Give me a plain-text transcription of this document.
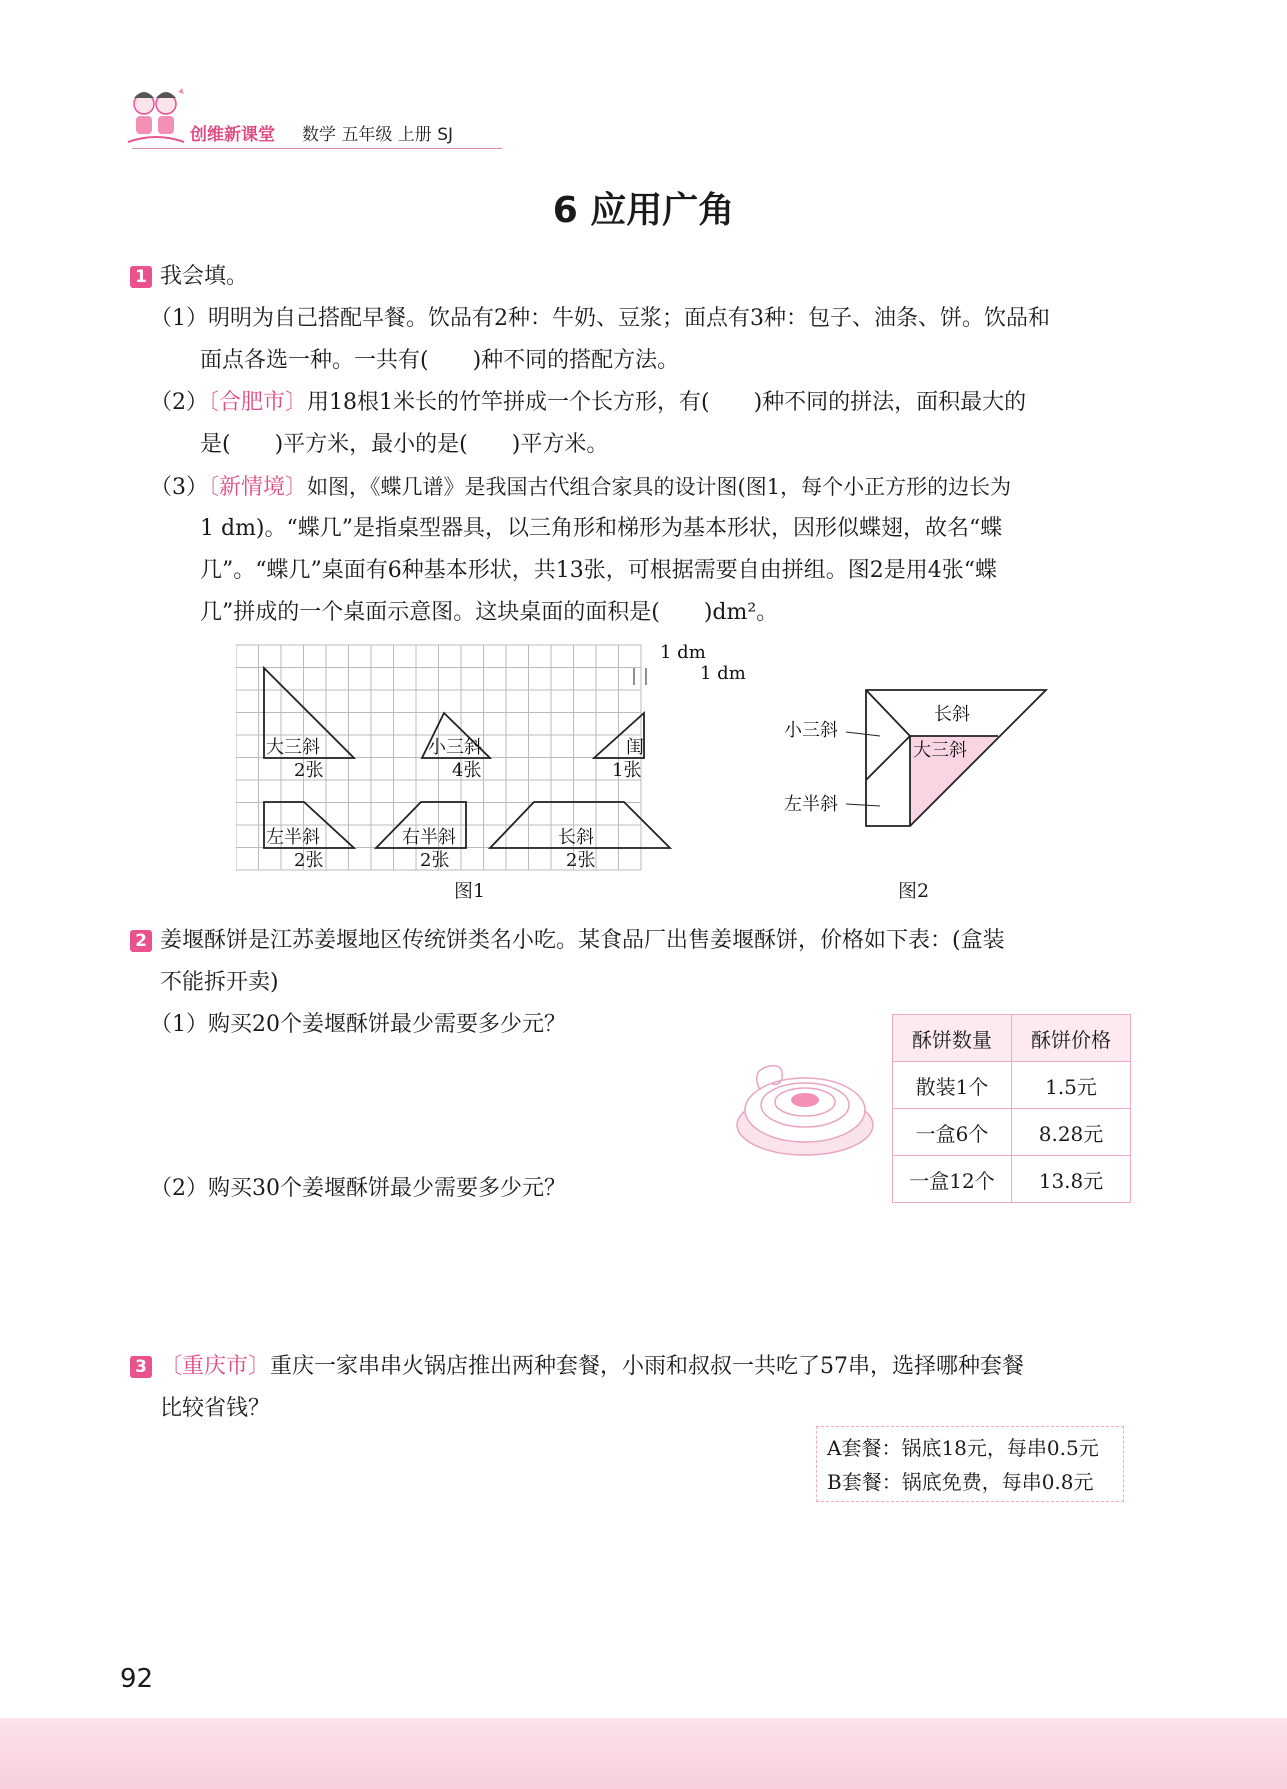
创维新课堂 数学 五年级 上册 SJ
6 应用广角
1 我会填。
（1）明明为自己搭配早餐。饮品有2种：牛奶、豆浆；面点有3种：包子、油条、饼。饮品和
面点各选一种。一共有(　　)种不同的搭配方法。
（2）〔合肥市〕用18根1米长的竹竿拼成一个长方形，有(　　)种不同的拼法，面积最大的
是(　　)平方米，最小的是(　　)平方米。
（3）〔新情境〕如图，《蝶几谱》是我国古代组合家具的设计图(图1，每个小正方形的边长为
1 dm)。“蝶几”是指桌型器具，以三角形和梯形为基本形状，因形似蝶翅，故名“蝶
几”。“蝶几”桌面有6种基本形状，共13张，可根据需要自由拼组。图2是用4张“蝶
几”拼成的一个桌面示意图。这块桌面的面积是(　　)dm²。
大三斜
2张
小三斜
4张
闺
1张
左半斜
2张
右半斜
2张
长斜
2张
1 dm
1 dm
图1
长斜
大三斜
小三斜
左半斜
图2
2 姜堰酥饼是江苏姜堰地区传统饼类名小吃。某食品厂出售姜堰酥饼，价格如下表：(盒装
不能拆开卖)
（1）购买20个姜堰酥饼最少需要多少元？
（2）购买30个姜堰酥饼最少需要多少元？
酥饼数量	酥饼价格
散装1个	1.5元
一盒6个	8.28元
一盒12个	13.8元
3 〔重庆市〕重庆一家串串火锅店推出两种套餐，小雨和叔叔一共吃了57串，选择哪种套餐
比较省钱？
A套餐：锅底18元，每串0.5元
B套餐：锅底免费，每串0.8元
92
